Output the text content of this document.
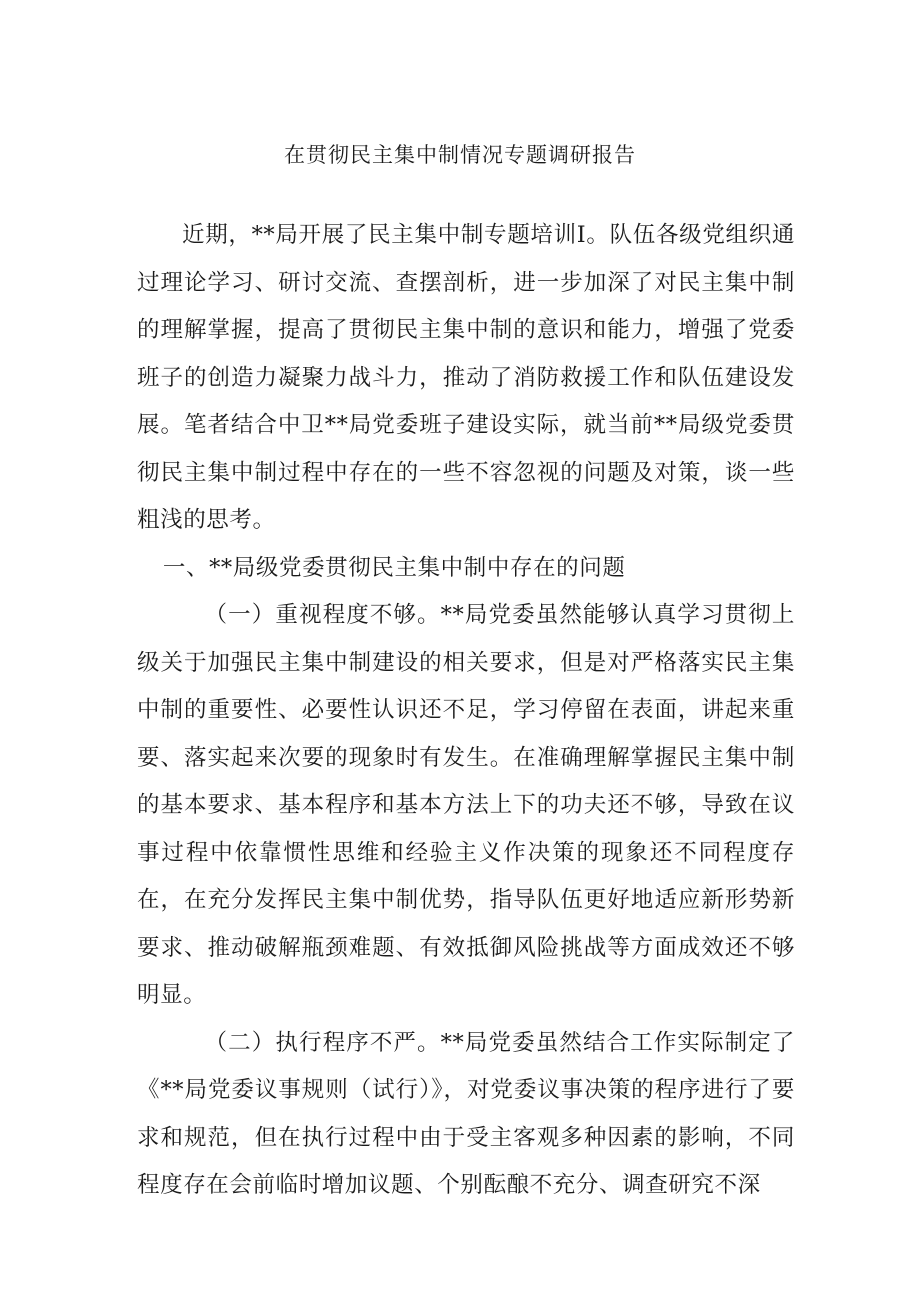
在贯彻民主集中制情况专题调研报告

近期，**局开展了民主集中制专题培训I。队伍各级党组织通过理论学习、研讨交流、查摆剖析，进一步加深了对民主集中制的理解掌握，提高了贯彻民主集中制的意识和能力，增强了党委班子的创造力凝聚力战斗力，推动了消防救援工作和队伍建设发展。笔者结合中卫**局党委班子建设实际，就当前**局级党委贯彻民主集中制过程中存在的一些不容忽视的问题及对策，谈一些粗浅的思考。

一、**局级党委贯彻民主集中制中存在的问题

（一）重视程度不够。**局党委虽然能够认真学习贯彻上级关于加强民主集中制建设的相关要求，但是对严格落实民主集中制的重要性、必要性认识还不足，学习停留在表面，讲起来重要、落实起来次要的现象时有发生。在准确理解掌握民主集中制的基本要求、基本程序和基本方法上下的功夫还不够，导致在议事过程中依靠惯性思维和经验主义作决策的现象还不同程度存在，在充分发挥民主集中制优势，指导队伍更好地适应新形势新要求、推动破解瓶颈难题、有效抵御风险挑战等方面成效还不够明显。

（二）执行程序不严。**局党委虽然结合工作实际制定了《**局党委议事规则（试行）》，对党委议事决策的程序进行了要求和规范，但在执行过程中由于受主客观多种因素的影响，不同程度存在会前临时增加议题、个别酝酿不充分、调查研究不深
